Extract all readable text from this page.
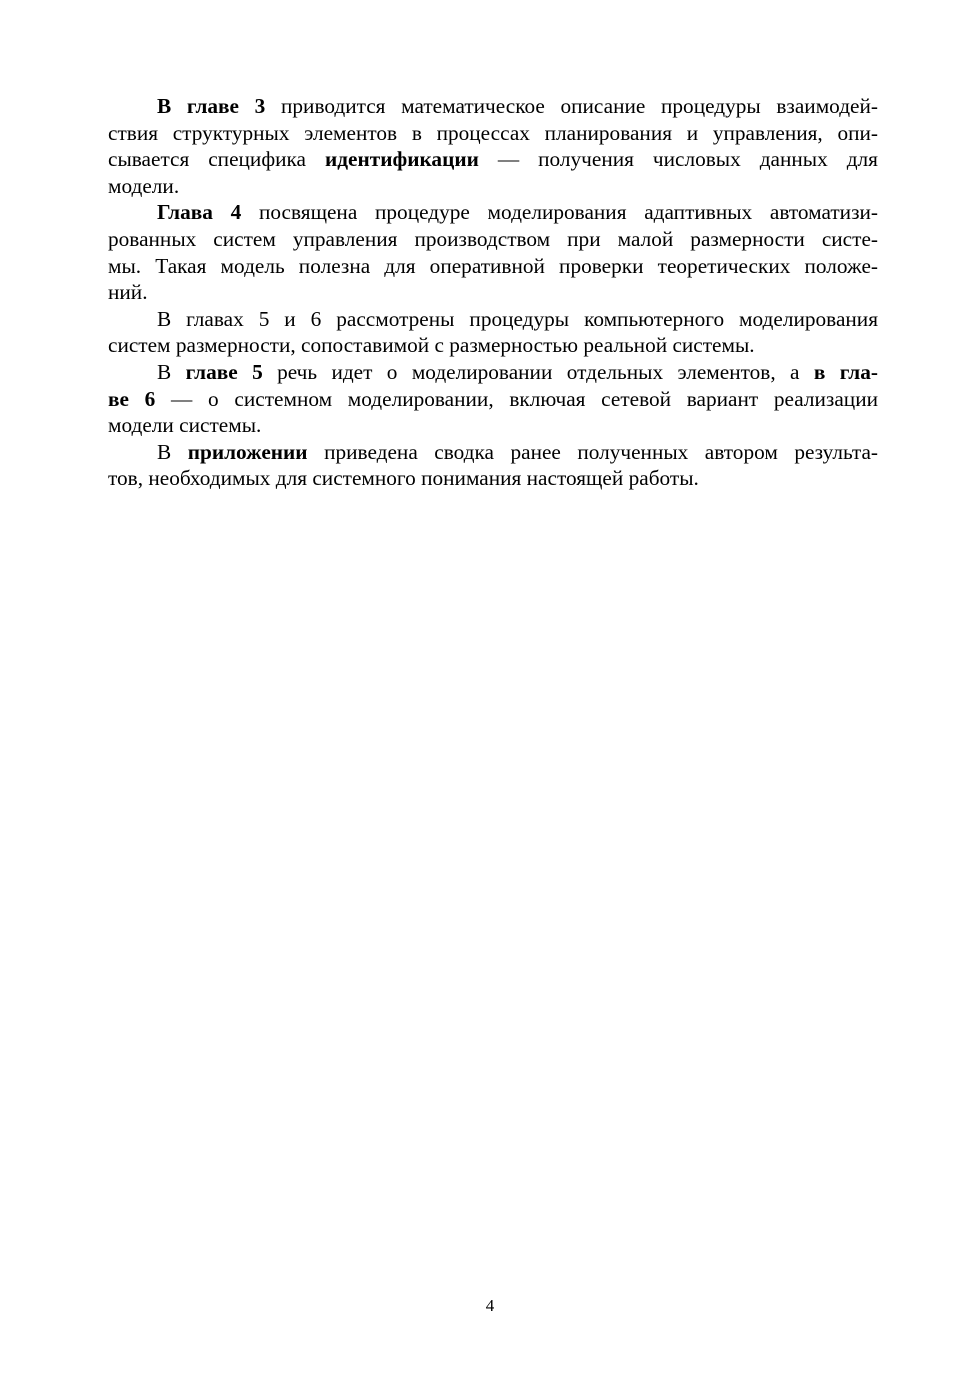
В главе 3 приводится математическое описание процедуры взаимодей-
ствия структурных элементов в процессах планирования и управления, опи-
сывается специфика идентификации — получения числовых данных для
модели.
Глава 4 посвящена процедуре моделирования адаптивных автоматизи-
рованных систем управления производством при малой размерности систе-
мы. Такая модель полезна для оперативной проверки теоретических положе-
ний.
В главах 5 и 6 рассмотрены процедуры компьютерного моделирования
систем размерности, сопоставимой с размерностью реальной системы.
В главе 5 речь идет о моделировании отдельных элементов, а в гла-
ве 6 — о системном моделировании, включая сетевой вариант реализации
модели системы.
В приложении приведена сводка ранее полученных автором результа-
тов, необходимых для системного понимания настоящей работы.
4
